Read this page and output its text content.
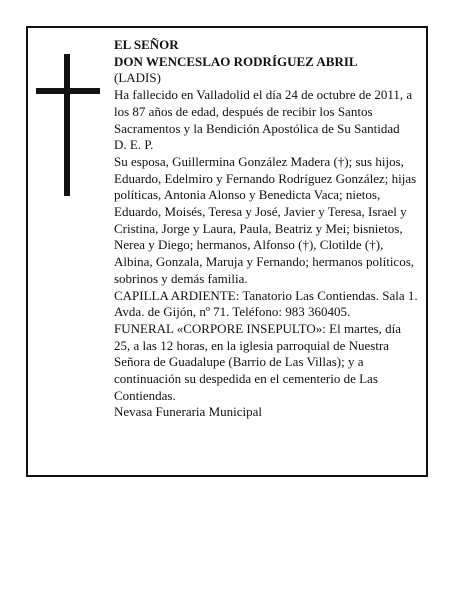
EL SEÑOR

DON WENCESLAO RODRÍGUEZ ABRIL

(LADIS)

Ha fallecido en Valladolid el día 24 de octubre de 2011, a los 87 años de edad, después de recibir los Santos Sacramentos y la Bendición Apostólica de Su Santidad

D. E. P.

Su esposa, Guillermina González Madera (†); sus hijos, Eduardo, Edelmiro y Fernando Rodríguez González; hijas políticas, Antonia Alonso y Benedicta Vaca; nietos, Eduardo, Moisés, Teresa y José, Javier y Teresa, Israel y Cristina, Jorge y Laura, Paula, Beatriz y Mei; bisnietos, Nerea y Diego; hermanos, Alfonso (†), Clotilde (†), Albina, Gonzala, Maruja y Fernando; hermanos políticos, sobrinos y demás familia.

CAPILLA ARDIENTE: Tanatorio Las Contiendas. Sala 1. Avda. de Gijón, nº 71. Teléfono: 983 360405.

FUNERAL «CORPORE INSEPULTO»: El martes, día 25, a las 12 horas, en la iglesia parroquial de Nuestra Señora de Guadalupe (Barrio de Las Villas); y a continuación su despedida en el cementerio de Las Contiendas.

Nevasa Funeraria Municipal
